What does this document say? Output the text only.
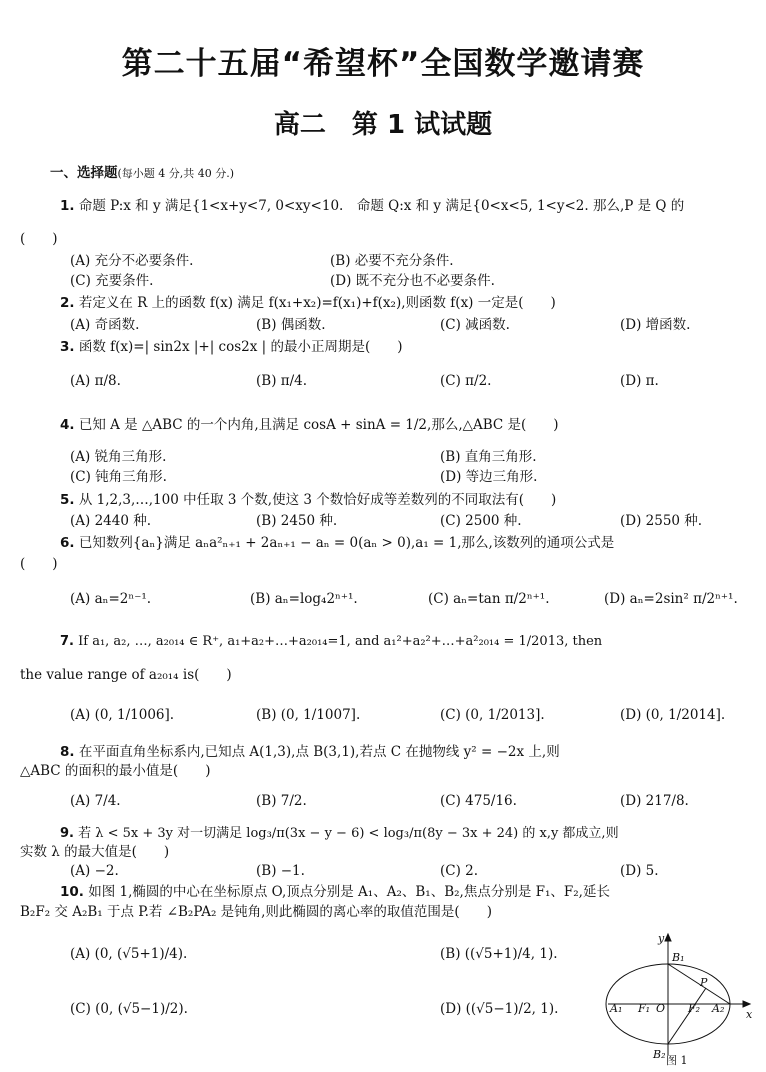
第二十五届“希望杯”全国数学邀请赛
高二　第 1 试试题
一、选择题(每小题 4 分,共 40 分.)
1. 命题 P:x 和 y 满足{1<x+y<7, 0<xy<10.　命题 Q:x 和 y 满足{0<x<5, 1<y<2. 那么,P 是 Q 的
(　　)
(A) 充分不必要条件.	(B) 必要不充分条件.
(C) 充要条件.	(D) 既不充分也不必要条件.
2. 若定义在 R 上的函数 f(x) 满足 f(x₁+x₂)=f(x₁)+f(x₂),则函数 f(x) 一定是(　　)
(A) 奇函数.	(B) 偶函数.	(C) 减函数.	(D) 增函数.
3. 函数 f(x)=| sin2x |+| cos2x | 的最小正周期是(　　)
(A) π/8.	(B) π/4.	(C) π/2.	(D) π.
4. 已知 A 是 △ABC 的一个内角,且满足 cosA + sinA = 1/2,那么,△ABC 是(　　)
(A) 锐角三角形.	(B) 直角三角形.
(C) 钝角三角形.	(D) 等边三角形.
5. 从 1,2,3,…,100 中任取 3 个数,使这 3 个数恰好成等差数列的不同取法有(　　)
(A) 2440 种.	(B) 2450 种.	(C) 2500 种.	(D) 2550 种.
6. 已知数列{aₙ}满足 aₙa²ₙ₊₁ + 2aₙ₊₁ − aₙ = 0(aₙ > 0),a₁ = 1,那么,该数列的通项公式是
(　　)
(A) aₙ=2ⁿ⁻¹.	(B) aₙ=log₄2ⁿ⁺¹.	(C) aₙ=tan π/2ⁿ⁺¹.	(D) aₙ=2sin² π/2ⁿ⁺¹.
7. If a₁, a₂, …, a₂₀₁₄ ∈ R⁺, a₁+a₂+…+a₂₀₁₄=1, and a₁²+a₂²+…+a²₂₀₁₄ = 1/2013, then
the value range of a₂₀₁₄ is(　　)
(A) (0, 1/1006].	(B) (0, 1/1007].	(C) (0, 1/2013].	(D) (0, 1/2014].
8. 在平面直角坐标系内,已知点 A(1,3),点 B(3,1),若点 C 在抛物线 y² = −2x 上,则
△ABC 的面积的最小值是(　　)
(A) 7/4.	(B) 7/2.	(C) 475/16.	(D) 217/8.
9. 若 λ < 5x + 3y 对一切满足 log₃/π(3x − y − 6) < log₃/π(8y − 3x + 24) 的 x,y 都成立,则
实数 λ 的最大值是(　　)
(A) −2.	(B) −1.	(C) 2.	(D) 5.
10. 如图 1,椭圆的中心在坐标原点 O,顶点分别是 A₁、A₂、B₁、B₂,焦点分别是 F₁、F₂,延长
B₂F₂ 交 A₂B₁ 于点 P.若 ∠B₂PA₂ 是钝角,则此椭圆的离心率的取值范围是(　　)
(A) (0, (√5+1)/4).	(B) ((√5+1)/4, 1).
(C) (0, (√5−1)/2).	(D) ((√5−1)/2, 1).
y
x
B₁
B₂
A₁	A₂
F₁	F₂
O
P
图 1
